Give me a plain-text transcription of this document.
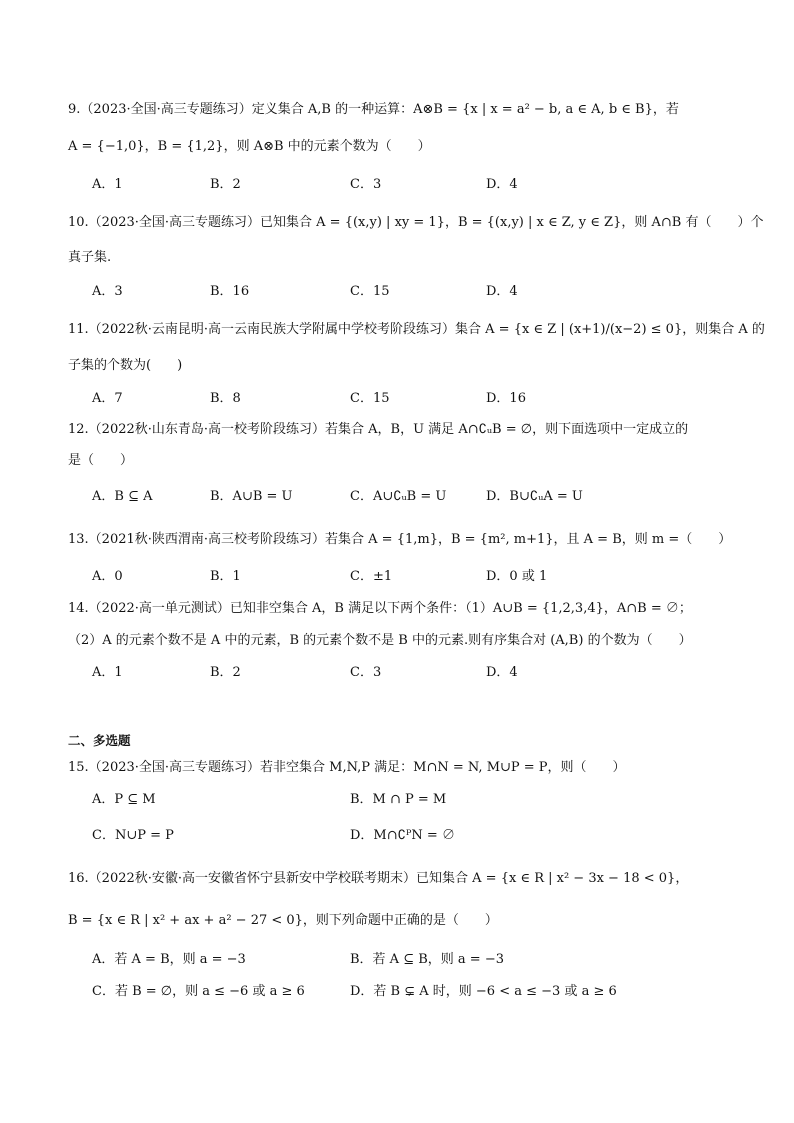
9.（2023·全国·高三专题练习）定义集合 A,B 的一种运算：A⊗B = {x | x = a² − b, a ∈ A, b ∈ B}，若
A = {−1,0}，B = {1,2}，则 A⊗B 中的元素个数为（　　）
A．1	B．2	C．3	D．4
10.（2023·全国·高三专题练习）已知集合 A = {(x,y) | xy = 1}，B = {(x,y) | x ∈ Z, y ∈ Z}，则 A∩B 有（　　）个
真子集.
A．3	B．16	C．15	D．4
11.（2022秋·云南昆明·高一云南民族大学附属中学校考阶段练习）集合 A = {x ∈ Z | (x+1)/(x−2) ≤ 0}，则集合 A 的
子集的个数为(　　)
A．7	B．8	C．15	D．16
12.（2022秋·山东青岛·高一校考阶段练习）若集合 A，B，U 满足 A∩∁ᵤB = ∅，则下面选项中一定成立的
是（　　）
A．B ⊆ A	B．A∪B = U	C．A∪∁ᵤB = U	D．B∪∁ᵤA = U
13.（2021秋·陕西渭南·高三校考阶段练习）若集合 A = {1,m}，B = {m², m+1}，且 A = B，则 m =（　　）
A．0	B．1	C．±1	D．0 或 1
14.（2022·高一单元测试）已知非空集合 A，B 满足以下两个条件：（1）A∪B = {1,2,3,4}，A∩B = ∅；
（2）A 的元素个数不是 A 中的元素，B 的元素个数不是 B 中的元素.则有序集合对 (A,B) 的个数为（　　）
A．1	B．2	C．3	D．4
二、多选题
15.（2023·全国·高三专题练习）若非空集合 M,N,P 满足：M∩N = N, M∪P = P，则（　　）
A．P ⊆ M	B．M ∩ P = M
C．N∪P = P	D．M∩∁ᴾN = ∅
16.（2022秋·安徽·高一安徽省怀宁县新安中学校联考期末）已知集合 A = {x ∈ R | x² − 3x − 18 < 0}，
B = {x ∈ R | x² + ax + a² − 27 < 0}，则下列命题中正确的是（　　）
A．若 A = B，则 a = −3	B．若 A ⊆ B，则 a = −3
C．若 B = ∅，则 a ≤ −6 或 a ≥ 6	D．若 B ⊊ A 时，则 −6 < a ≤ −3 或 a ≥ 6
